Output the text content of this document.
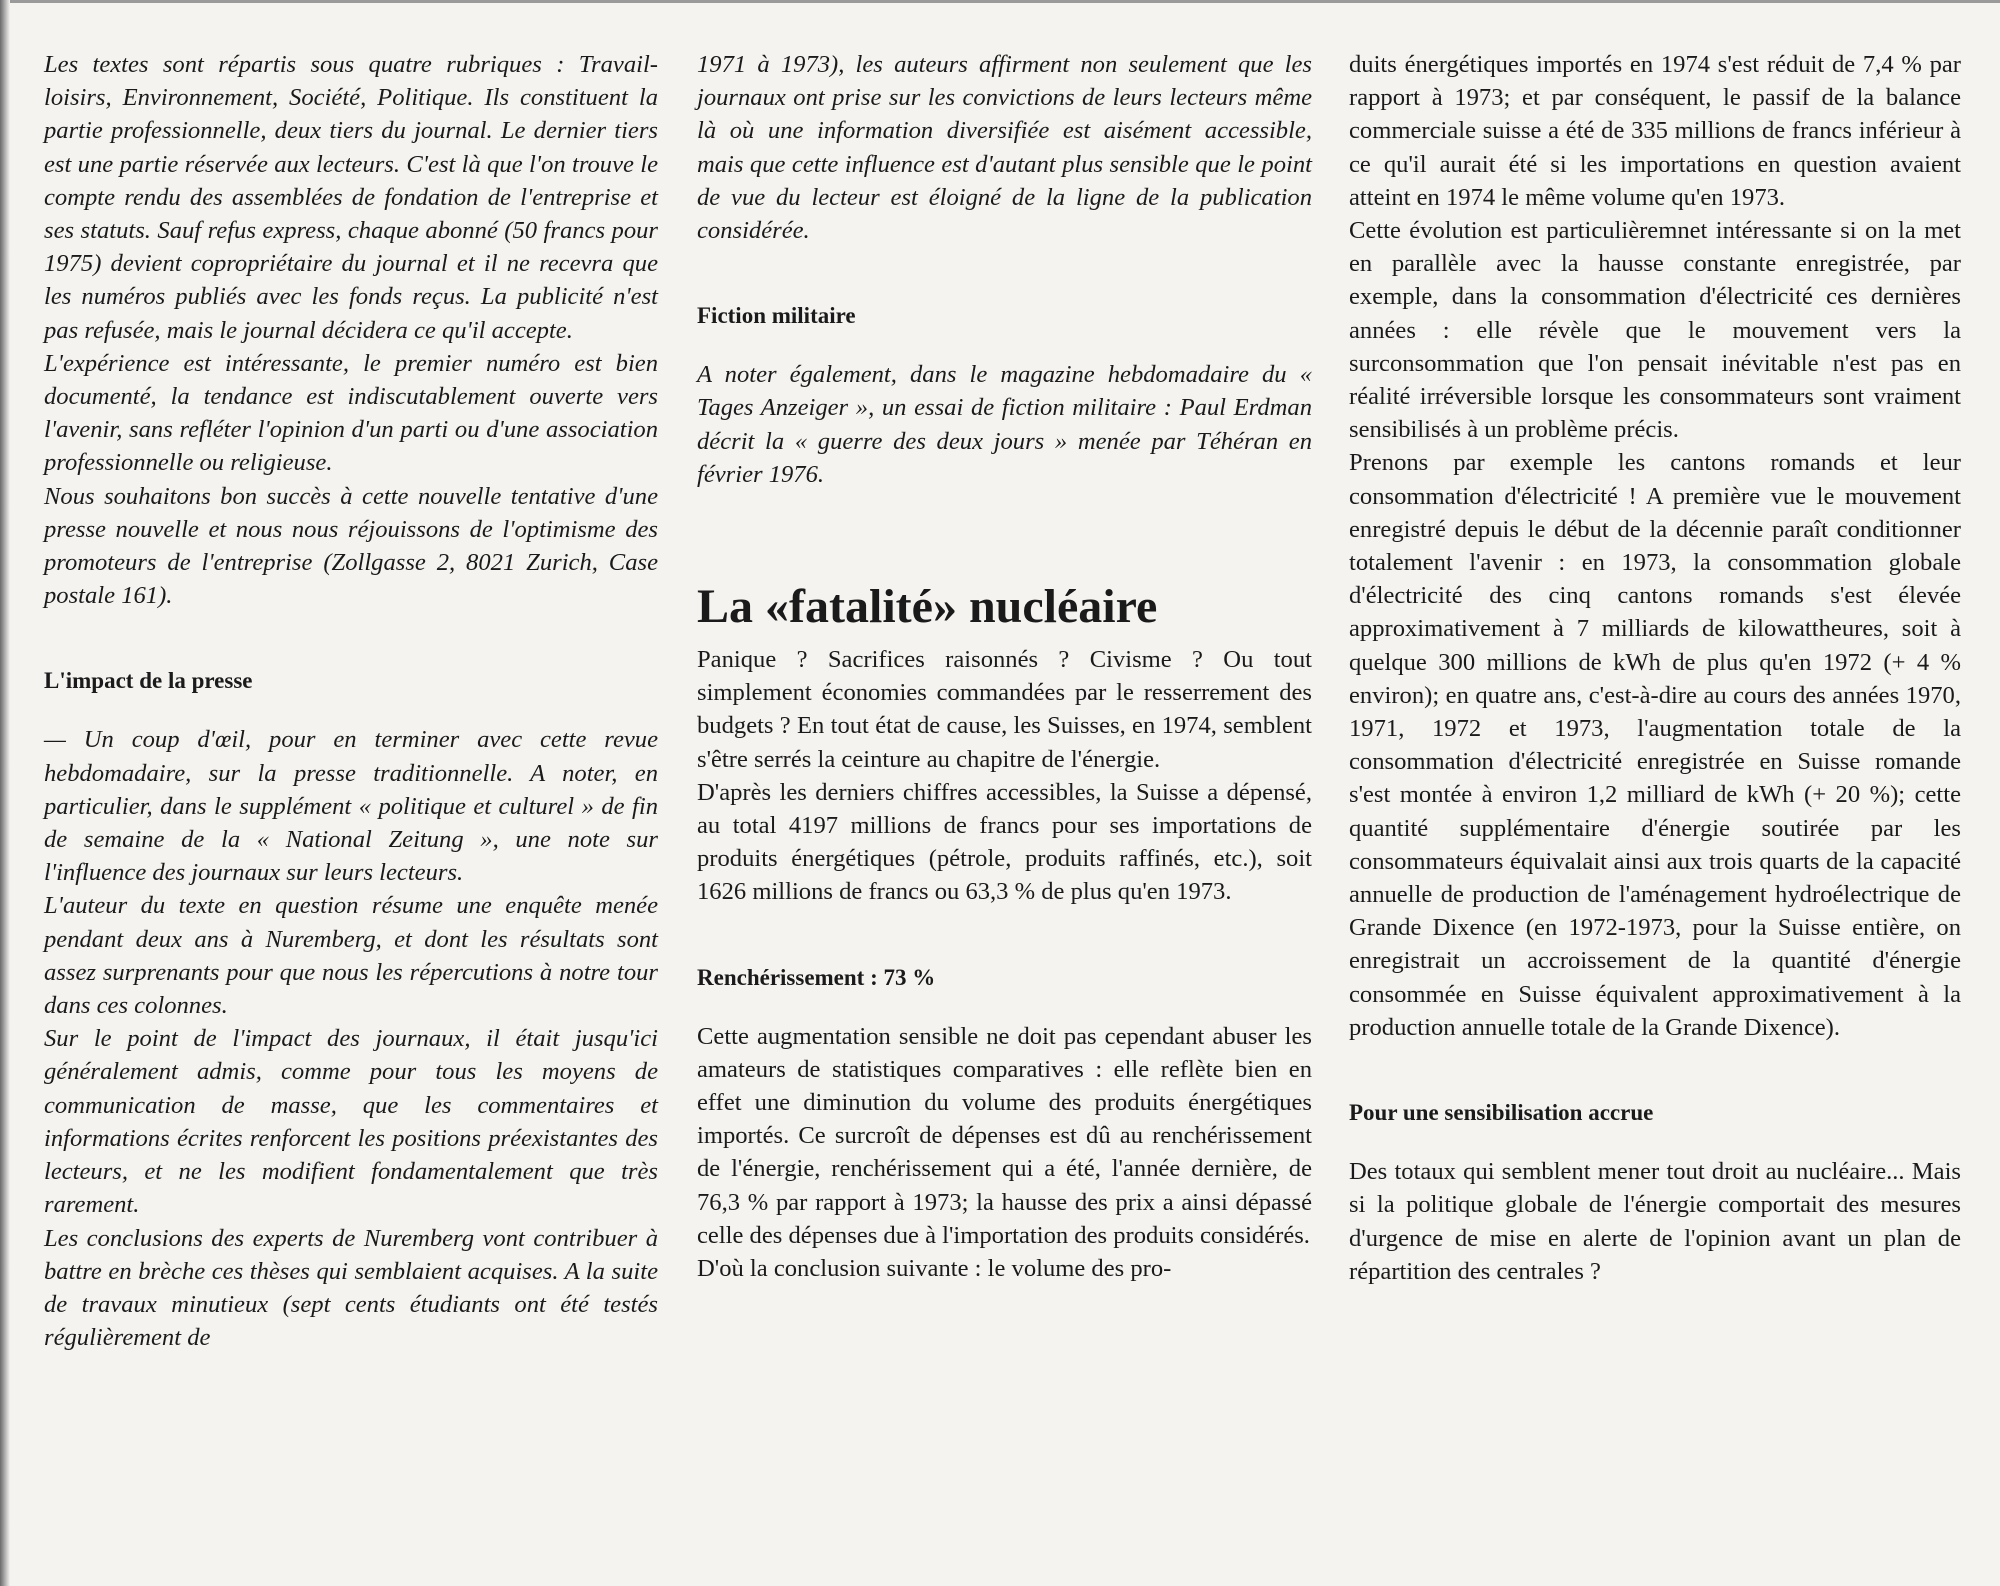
Les textes sont répartis sous quatre rubriques : Travail-loisirs, Environnement, Société, Politique. Ils constituent la partie professionnelle, deux tiers du journal. Le dernier tiers est une partie réservée aux lecteurs. C'est là que l'on trouve le compte rendu des assemblées de fondation de l'entreprise et ses statuts. Sauf refus express, chaque abonné (50 francs pour 1975) devient copropriétaire du journal et il ne recevra que les numéros publiés avec les fonds reçus. La publicité n'est pas refusée, mais le journal décidera ce qu'il accepte.

L'expérience est intéressante, le premier numéro est bien documenté, la tendance est indiscutablement ouverte vers l'avenir, sans refléter l'opinion d'un parti ou d'une association professionnelle ou religieuse.

Nous souhaitons bon succès à cette nouvelle tentative d'une presse nouvelle et nous nous réjouissons de l'optimisme des promoteurs de l'entreprise (Zollgasse 2, 8021 Zurich, Case postale 161).

L'impact de la presse

— Un coup d'œil, pour en terminer avec cette revue hebdomadaire, sur la presse traditionnelle. A noter, en particulier, dans le supplément « politique et culturel » de fin de semaine de la « National Zeitung », une note sur l'influence des journaux sur leurs lecteurs.

L'auteur du texte en question résume une enquête menée pendant deux ans à Nuremberg, et dont les résultats sont assez surprenants pour que nous les répercutions à notre tour dans ces colonnes.

Sur le point de l'impact des journaux, il était jusqu'ici généralement admis, comme pour tous les moyens de communication de masse, que les commentaires et informations écrites renforcent les positions préexistantes des lecteurs, et ne les modifient fondamentalement que très rarement.

Les conclusions des experts de Nuremberg vont contribuer à battre en brèche ces thèses qui semblaient acquises. A la suite de travaux minutieux (sept cents étudiants ont été testés régulièrement de

1971 à 1973), les auteurs affirment non seulement que les journaux ont prise sur les convictions de leurs lecteurs même là où une information diversifiée est aisément accessible, mais que cette influence est d'autant plus sensible que le point de vue du lecteur est éloigné de la ligne de la publication considérée.

Fiction militaire

A noter également, dans le magazine hebdomadaire du « Tages Anzeiger », un essai de fiction militaire : Paul Erdman décrit la « guerre des deux jours » menée par Téhéran en février 1976.

La «fatalité» nucléaire

Panique ? Sacrifices raisonnés ? Civisme ? Ou tout simplement économies commandées par le resserrement des budgets ? En tout état de cause, les Suisses, en 1974, semblent s'être serrés la ceinture au chapitre de l'énergie.

D'après les derniers chiffres accessibles, la Suisse a dépensé, au total 4197 millions de francs pour ses importations de produits énergétiques (pétrole, produits raffinés, etc.), soit 1626 millions de francs ou 63,3 % de plus qu'en 1973.

Renchérissement : 73 %

Cette augmentation sensible ne doit pas cependant abuser les amateurs de statistiques comparatives : elle reflète bien en effet une diminution du volume des produits énergétiques importés. Ce surcroît de dépenses est dû au renchérissement de l'énergie, renchérissement qui a été, l'année dernière, de 76,3 % par rapport à 1973; la hausse des prix a ainsi dépassé celle des dépenses due à l'importation des produits considérés.

D'où la conclusion suivante : le volume des pro-

duits énergétiques importés en 1974 s'est réduit de 7,4 % par rapport à 1973; et par conséquent, le passif de la balance commerciale suisse a été de 335 millions de francs inférieur à ce qu'il aurait été si les importations en question avaient atteint en 1974 le même volume qu'en 1973.

Cette évolution est particulièremnet intéressante si on la met en parallèle avec la hausse constante enregistrée, par exemple, dans la consommation d'électricité ces dernières années : elle révèle que le mouvement vers la surconsommation que l'on pensait inévitable n'est pas en réalité irréversible lorsque les consommateurs sont vraiment sensibilisés à un problème précis.

Prenons par exemple les cantons romands et leur consommation d'électricité ! A première vue le mouvement enregistré depuis le début de la décennie paraît conditionner totalement l'avenir : en 1973, la consommation globale d'électricité des cinq cantons romands s'est élevée approximativement à 7 milliards de kilowattheures, soit à quelque 300 millions de kWh de plus qu'en 1972 (+ 4 % environ); en quatre ans, c'est-à-dire au cours des années 1970, 1971, 1972 et 1973, l'augmentation totale de la consommation d'électricité enregistrée en Suisse romande s'est montée à environ 1,2 milliard de kWh (+ 20 %); cette quantité supplémentaire d'énergie soutirée par les consommateurs équivalait ainsi aux trois quarts de la capacité annuelle de production de l'aménagement hydroélectrique de Grande Dixence (en 1972-1973, pour la Suisse entière, on enregistrait un accroissement de la quantité d'énergie consommée en Suisse équivalent approximativement à la production annuelle totale de la Grande Dixence).

Pour une sensibilisation accrue

Des totaux qui semblent mener tout droit au nucléaire... Mais si la politique globale de l'énergie comportait des mesures d'urgence de mise en alerte de l'opinion avant un plan de répartition des centrales ?
